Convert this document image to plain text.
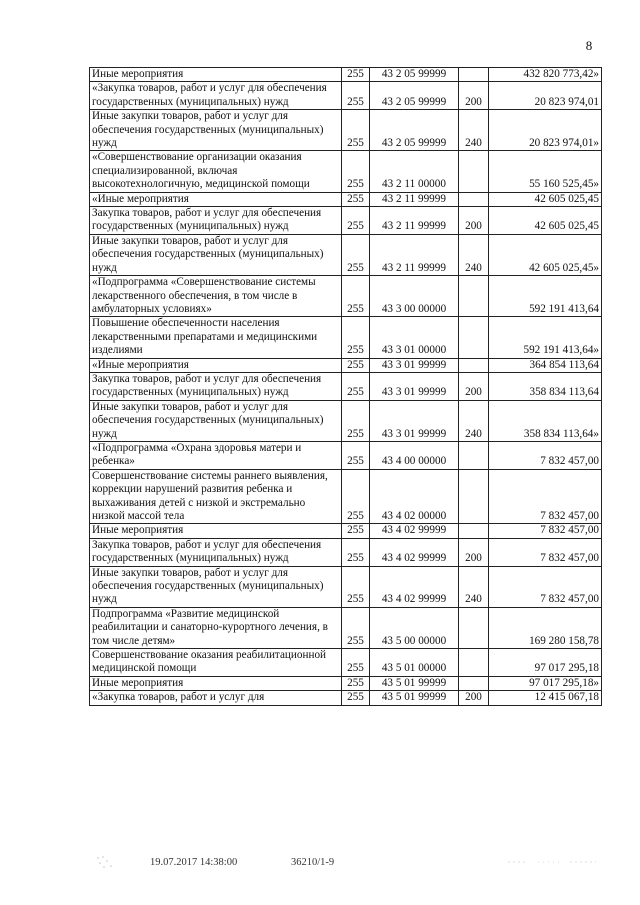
8
Иные мероприятия	255	43 2 05 99999		432 820 773,42»
«Закупка товаров, работ и услуг для обеспечения государственных (муниципальных) нужд	255	43 2 05 99999	200	20 823 974,01
Иные закупки товаров, работ и услуг для обеспечения государственных (муниципальных) нужд	255	43 2 05 99999	240	20 823 974,01»
«Совершенствование организации оказания специализированной, включая высокотехнологичную, медицинской помощи	255	43 2 11 00000		55 160 525,45»
«Иные мероприятия	255	43 2 11 99999		42 605 025,45
Закупка товаров, работ и услуг для обеспечения государственных (муниципальных) нужд	255	43 2 11 99999	200	42 605 025,45
Иные закупки товаров, работ и услуг для обеспечения государственных (муниципальных) нужд	255	43 2 11 99999	240	42 605 025,45»
«Подпрограмма «Совершенствование системы лекарственного обеспечения, в том числе в амбулаторных условиях»	255	43 3 00 00000		592 191 413,64
Повышение обеспеченности населения лекарственными препаратами и медицинскими изделиями	255	43 3 01 00000		592 191 413,64»
«Иные мероприятия	255	43 3 01 99999		364 854 113,64
Закупка товаров, работ и услуг для обеспечения государственных (муниципальных) нужд	255	43 3 01 99999	200	358 834 113,64
Иные закупки товаров, работ и услуг для обеспечения государственных (муниципальных) нужд	255	43 3 01 99999	240	358 834 113,64»
«Подпрограмма «Охрана здоровья матери и ребенка»	255	43 4 00 00000		7 832 457,00
Совершенствование системы раннего выявления, коррекции нарушений развития ребенка и выхаживания детей с низкой и экстремально низкой массой тела	255	43 4 02 00000		7 832 457,00
Иные мероприятия	255	43 4 02 99999		7 832 457,00
Закупка товаров, работ и услуг для обеспечения государственных (муниципальных) нужд	255	43 4 02 99999	200	7 832 457,00
Иные закупки товаров, работ и услуг для обеспечения государственных (муниципальных) нужд	255	43 4 02 99999	240	7 832 457,00
Подпрограмма «Развитие медицинской реабилитации и санаторно-курортного лечения, в том числе детям»	255	43 5 00 00000		169 280 158,78
Совершенствование оказания реабилитационной медицинской помощи	255	43 5 01 00000		97 017 295,18
Иные мероприятия	255	43 5 01 99999		97 017 295,18»
«Закупка товаров, работ и услуг для	255	43 5 01 99999	200	12 415 067,18
19.07.2017 14:38:00	36210/1-9
